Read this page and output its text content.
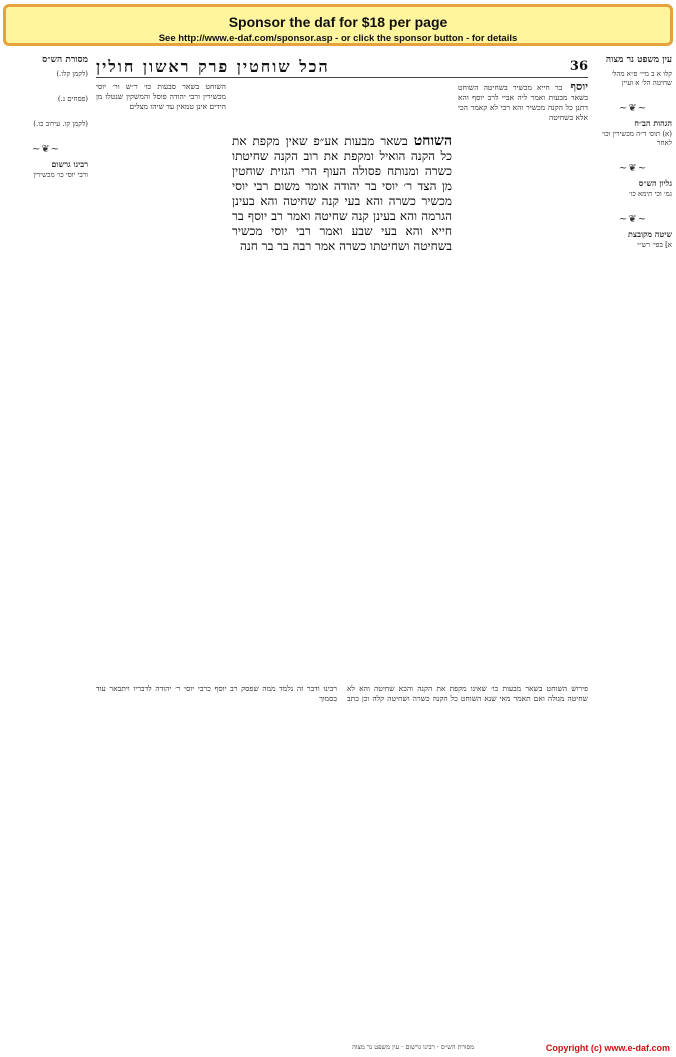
Sponsor the daf for $18 per page
See http://www.e-daf.com/sponsor.asp - or click the sponsor button - for details
36
הכל שוחטין פרק ראשון חולין	עין משפט נר מצוה
קלו א ב מיי׳ פ״א מהל׳ שחיטה הל׳ א ועיין
~❦~
הגהות הב״ח
(א) תוס׳ ד״ה מכשירין וכו׳ לאחר
~❦~
גליון הש״ס
גמ׳ וכי תימא כו׳
~❦~
שיטה מקובצת
א] בפי׳ רש״י
מסורת הש״ס
(לקמן קלו.)
(פסחים נ.)
(לקמן קו. עירוב כו.)
~❦~
רבינו גרשום
ורבי יוסי כו׳ מכשירין
יוסף בר חייא מכשיר בשחיטה השוחט בשאר מבעות ואמר ליה אביי לרב יוסף והא דתנן כל הקנה מכשיר והא רבי לא קאמר הכי אלא בשחיטה
השוחט בשאר סבעות כו׳ ר״ש ור׳ יוסי מכשירין ורבי יהודה פוסל והמשקין שנטלו מן הידים אינן טמאין עד שיהו מצלים
השוחט בשאר מבעות אע״פ שאין מקפת את כל הקנה הואיל ומקפת את רוב הקנה שחיטתו כשרה ומנותח פסולה העוף הרי הגזית שוחטין מן הצד ר׳ יוסי בר יהודה אומר משום רבי יוסי מכשיר כשרה והא בעי קנה שחיטה והא בעינן הגרמה והא בעינן קנה שחיטה ואמר רב יוסף בר חייא והא בעי שבע ואמר רבי יוסי מכשיר בשחיטה ושחיטתו כשרה אמר רבה בר בר חנה
פירוש השוחט בשאר מבעות כו׳ שאינו מקפת את הקנה והכא שחיטה והא לא שחיטה מגולה ואם תאמר מאי שנא השוחט כל הקנה כשרה ושחיטה קלה וכן כתב רבינו ודבר זה נלמד ממה שפסק רב יוסף כרבי יוסי ר׳ יהודה לדבריו ויתבאר עוד בסמוך
מסורת הש״ס · רבינו גרשום · עין משפט נר מצוה	Copyright (c) www.e-daf.com
